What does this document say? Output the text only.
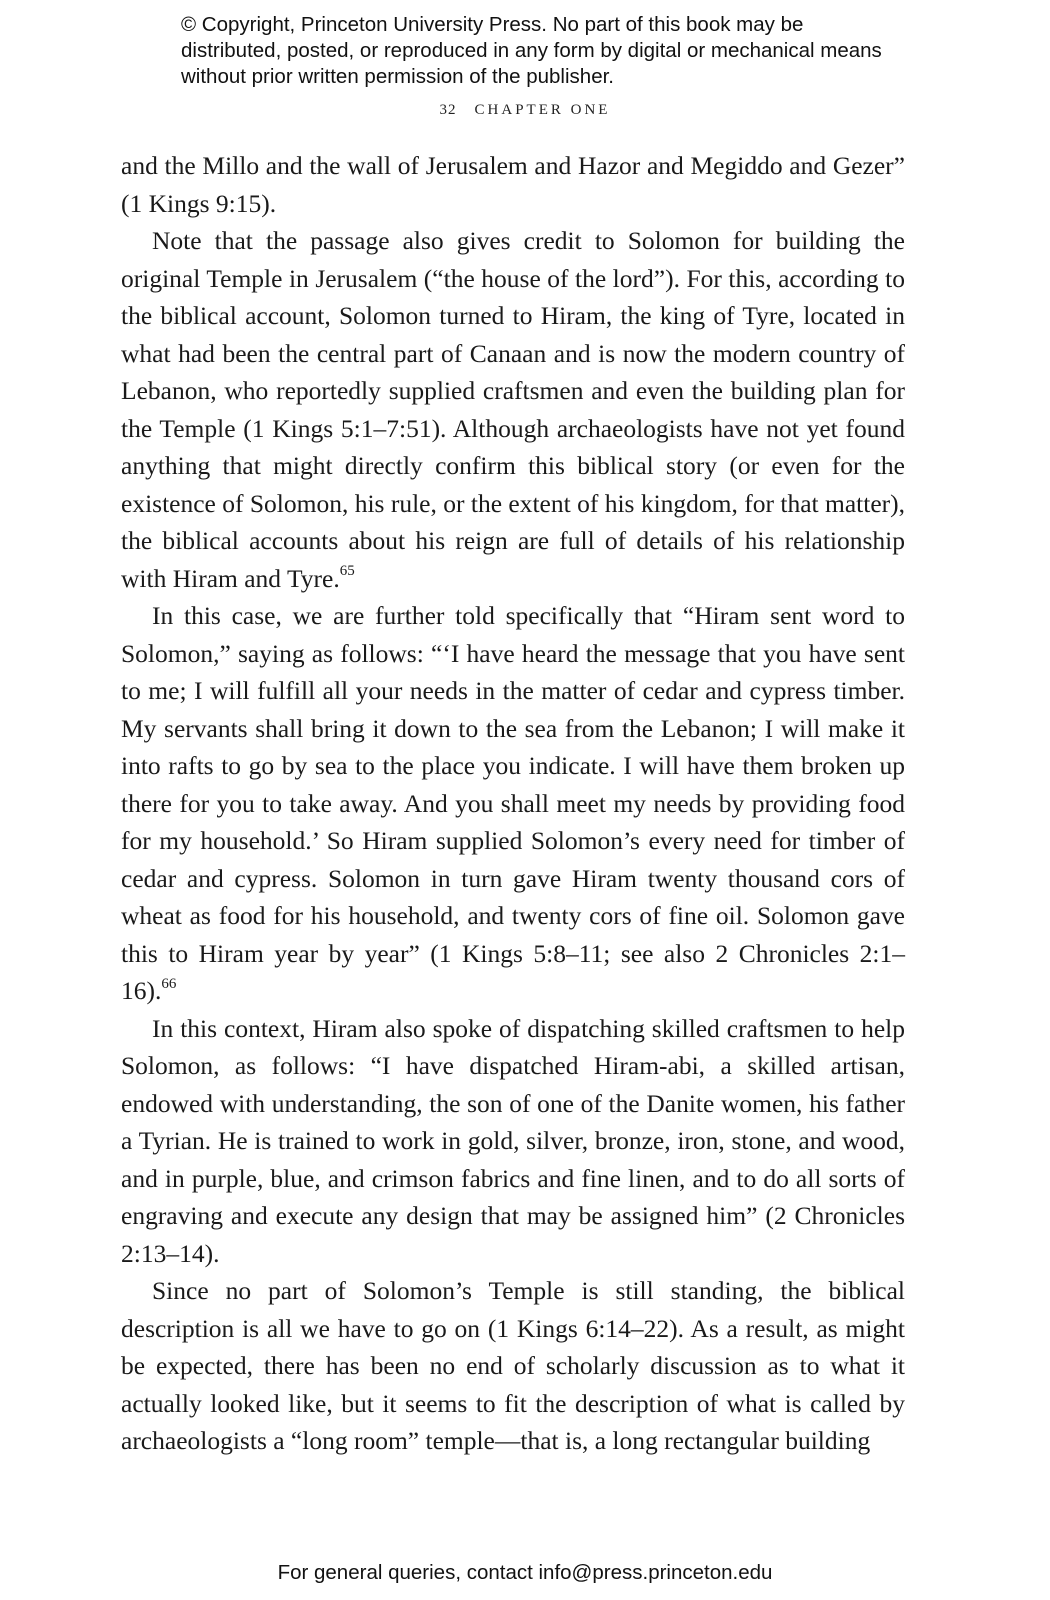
© Copyright, Princeton University Press. No part of this book may be distributed, posted, or reproduced in any form by digital or mechanical means without prior written permission of the publisher.
32 CHAPTER ONE

and the Millo and the wall of Jerusalem and Hazor and Megiddo and Gezer” (1 Kings 9:15).

Note that the passage also gives credit to Solomon for building the original Temple in Jerusalem (“the house of the lord”). For this, according to the biblical account, Solomon turned to Hiram, the king of Tyre, located in what had been the central part of Canaan and is now the modern country of Lebanon, who reportedly supplied craftsmen and even the building plan for the Temple (1 Kings 5:1–7:51). Although archaeologists have not yet found anything that might directly confirm this biblical story (or even for the existence of Solomon, his rule, or the extent of his kingdom, for that matter), the biblical accounts about his reign are full of details of his relationship with Hiram and Tyre.$^{65}$

In this case, we are further told specifically that “Hiram sent word to Solomon,” saying as follows: “‘I have heard the message that you have sent to me; I will fulfill all your needs in the matter of cedar and cypress timber. My servants shall bring it down to the sea from the Lebanon; I will make it into rafts to go by sea to the place you indicate. I will have them broken up there for you to take away. And you shall meet my needs by providing food for my household.’ So Hiram supplied Solomon’s every need for timber of cedar and cypress. Solomon in turn gave Hiram twenty thousand cors of wheat as food for his household, and twenty cors of fine oil. Solomon gave this to Hiram year by year” (1 Kings 5:8–11; see also 2 Chronicles 2:1–16).$^{66}$

In this context, Hiram also spoke of dispatching skilled craftsmen to help Solomon, as follows: “I have dispatched Hiram-abi, a skilled artisan, endowed with understanding, the son of one of the Danite women, his father a Tyrian. He is trained to work in gold, silver, bronze, iron, stone, and wood, and in purple, blue, and crimson fabrics and fine linen, and to do all sorts of engraving and execute any design that may be assigned him” (2 Chronicles 2:13–14).

Since no part of Solomon’s Temple is still standing, the biblical description is all we have to go on (1 Kings 6:14–22). As a result, as might be expected, there has been no end of scholarly discussion as to what it actually looked like, but it seems to fit the description of what is called by archaeologists a “long room” temple—that is, a long rectangular building

For general queries, contact info@press.princeton.edu
